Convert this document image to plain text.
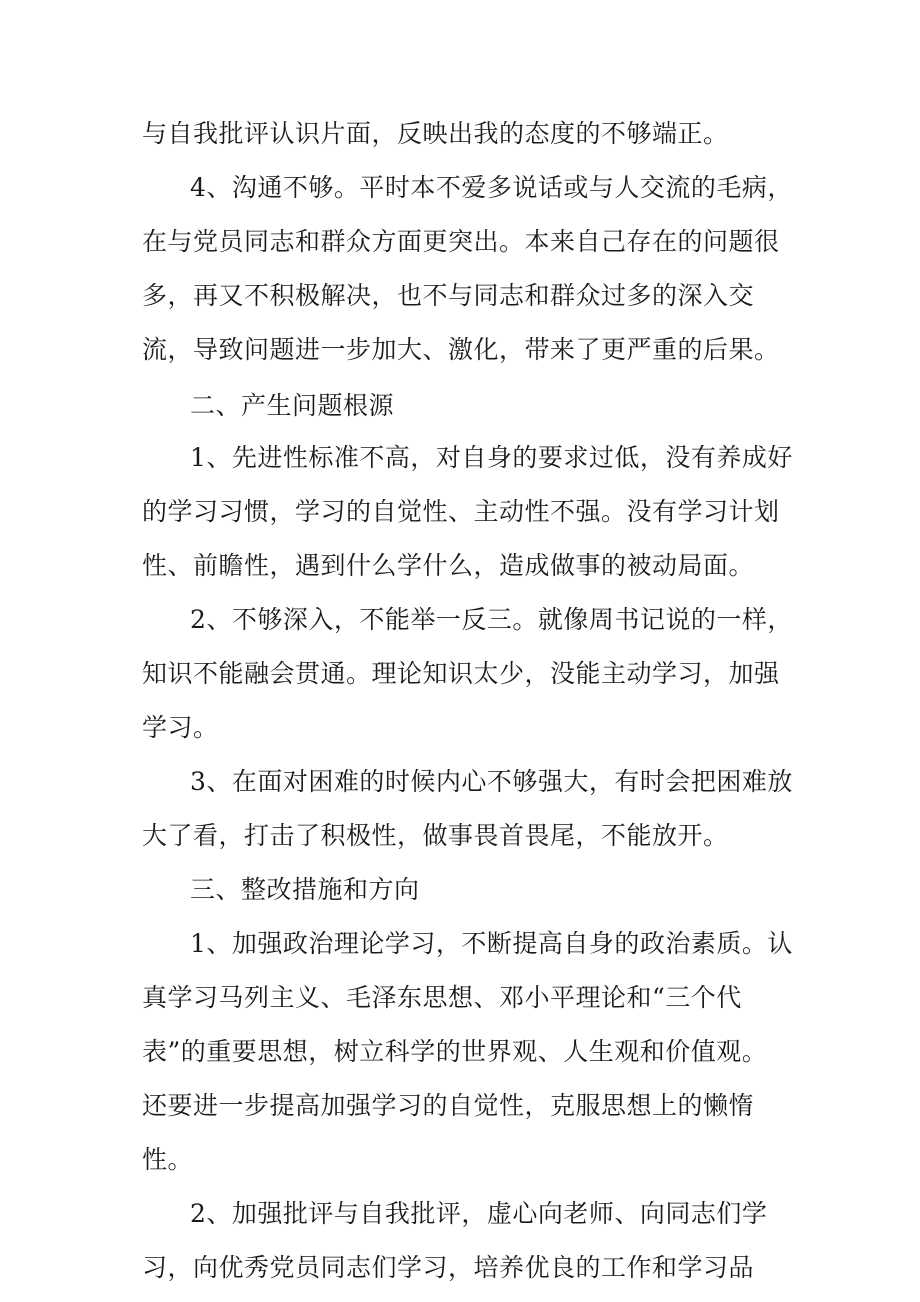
与自我批评认识片面，反映出我的态度的不够端正。
4、沟通不够。平时本不爱多说话或与人交流的毛病，
在与党员同志和群众方面更突出。本来自己存在的问题很
多，再又不积极解决，也不与同志和群众过多的深入交
流，导致问题进一步加大、激化，带来了更严重的后果。
二、产生问题根源
1、先进性标准不高，对自身的要求过低，没有养成好
的学习习惯，学习的自觉性、主动性不强。没有学习计划
性、前瞻性，遇到什么学什么，造成做事的被动局面。
2、不够深入，不能举一反三。就像周书记说的一样，
知识不能融会贯通。理论知识太少，没能主动学习，加强
学习。
3、在面对困难的时候内心不够强大，有时会把困难放
大了看，打击了积极性，做事畏首畏尾，不能放开。
三、整改措施和方向
1、加强政治理论学习，不断提高自身的政治素质。认
真学习马列主义、毛泽东思想、邓小平理论和“三个代
表”的重要思想，树立科学的世界观、人生观和价值观。
还要进一步提高加强学习的自觉性，克服思想上的懒惰
性。
2、加强批评与自我批评，虚心向老师、向同志们学
习，向优秀党员同志们学习，培养优良的工作和学习品
